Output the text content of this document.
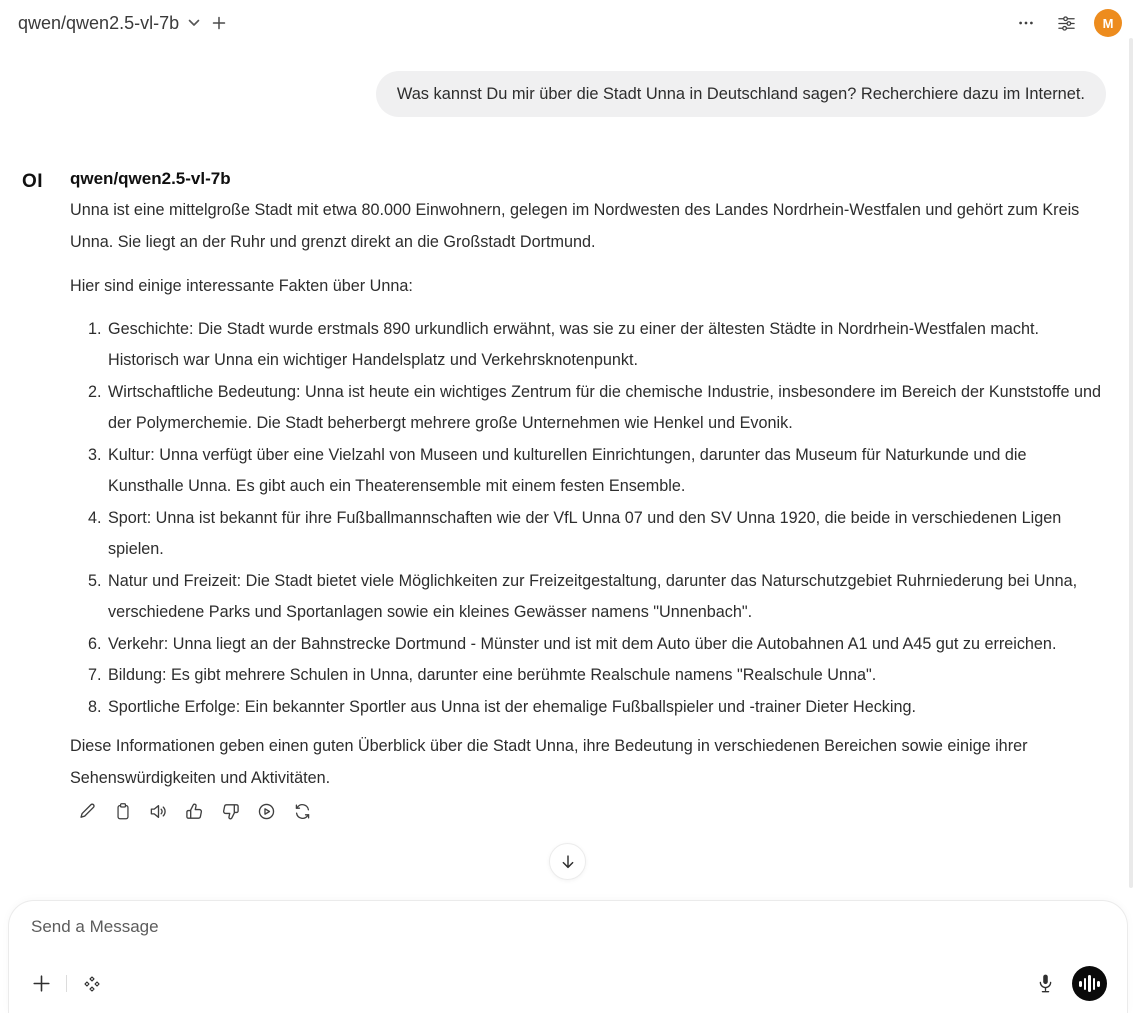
qwen/qwen2.5-vl-7b	M
Was kannst Du mir über die Stadt Unna in Deutschland sagen? Recherchiere dazu im Internet.
OI	qwen/qwen2.5-vl-7b

Unna ist eine mittelgroße Stadt mit etwa 80.000 Einwohnern, gelegen im Nordwesten des Landes Nordrhein-Westfalen und gehört zum Kreis Unna. Sie liegt an der Ruhr und grenzt direkt an die Großstadt Dortmund.

Hier sind einige interessante Fakten über Unna:

1. Geschichte: Die Stadt wurde erstmals 890 urkundlich erwähnt, was sie zu einer der ältesten Städte in Nordrhein-Westfalen macht. Historisch war Unna ein wichtiger Handelsplatz und Verkehrsknotenpunkt.
2. Wirtschaftliche Bedeutung: Unna ist heute ein wichtiges Zentrum für die chemische Industrie, insbesondere im Bereich der Kunststoffe und der Polymerchemie. Die Stadt beherbergt mehrere große Unternehmen wie Henkel und Evonik.
3. Kultur: Unna verfügt über eine Vielzahl von Museen und kulturellen Einrichtungen, darunter das Museum für Naturkunde und die Kunsthalle Unna. Es gibt auch ein Theaterensemble mit einem festen Ensemble.
4. Sport: Unna ist bekannt für ihre Fußballmannschaften wie der VfL Unna 07 und den SV Unna 1920, die beide in verschiedenen Ligen spielen.
5. Natur und Freizeit: Die Stadt bietet viele Möglichkeiten zur Freizeitgestaltung, darunter das Naturschutzgebiet Ruhrniederung bei Unna, verschiedene Parks und Sportanlagen sowie ein kleines Gewässer namens "Unnenbach".
6. Verkehr: Unna liegt an der Bahnstrecke Dortmund - Münster und ist mit dem Auto über die Autobahnen A1 und A45 gut zu erreichen.
7. Bildung: Es gibt mehrere Schulen in Unna, darunter eine berühmte Realschule namens "Realschule Unna".
8. Sportliche Erfolge: Ein bekannter Sportler aus Unna ist der ehemalige Fußballspieler und -trainer Dieter Hecking.

Diese Informationen geben einen guten Überblick über die Stadt Unna, ihre Bedeutung in verschiedenen Bereichen sowie einige ihrer Sehenswürdigkeiten und Aktivitäten.

Send a Message
